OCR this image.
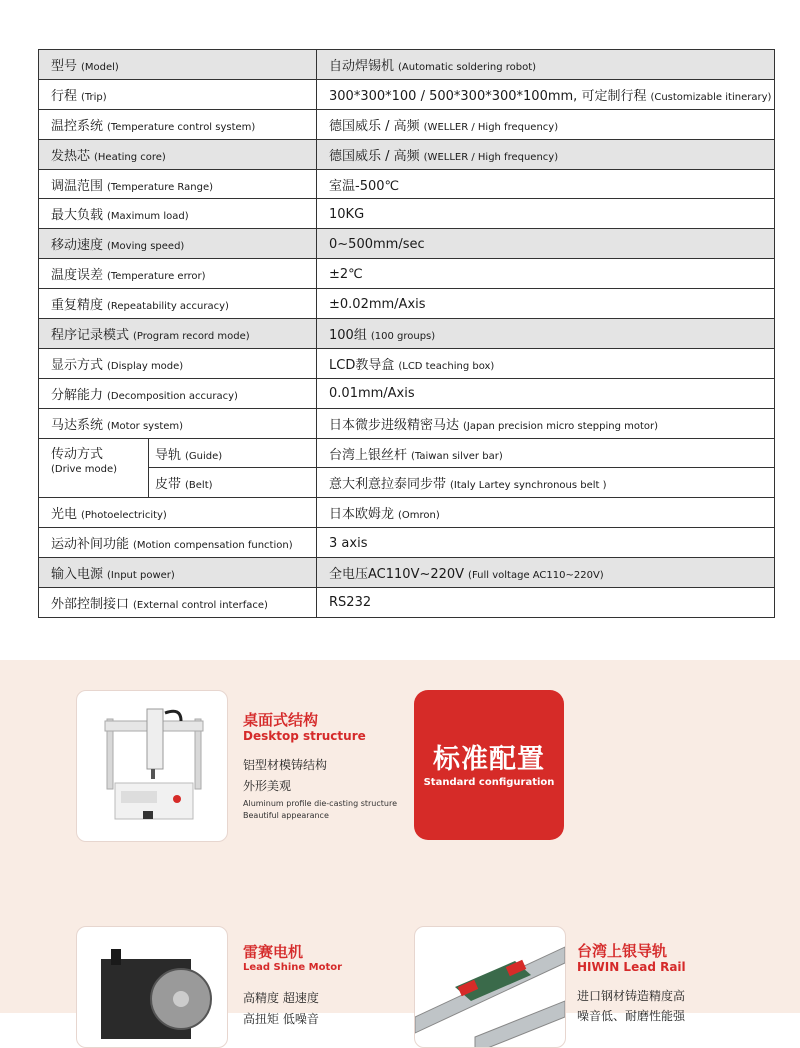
型号 (Model)		自动焊锡机 (Automatic soldering robot)
行程 (Trip)		300*300*100 / 500*300*300*100mm, 可定制行程 (Customizable itinerary)
温控系统 (Temperature control system)		德国威乐 / 高频 (WELLER / High frequency)
发热芯 (Heating core)		德国威乐 / 高频 (WELLER / High frequency)
调温范围 (Temperature Range)		室温-500℃
最大负载 (Maximum load)		10KG
移动速度 (Moving speed)		0~500mm/sec
温度误差 (Temperature error)		±2℃
重复精度 (Repeatability accuracy)		±0.02mm/Axis
程序记录模式 (Program record mode)		100组 (100 groups)
显示方式 (Display mode)		LCD教导盒 (LCD teaching box)
分解能力 (Decomposition accuracy)		0.01mm/Axis
马达系统 (Motor system)		日本微步进级精密马达 (Japan precision micro stepping motor)

传动方式
(Drive mode)	导轨 (Guide)	台湾上银丝杆 (Taiwan silver bar)
	皮带 (Belt)	意大利意拉泰同步带 (Italy Lartey synchronous belt )
光电 (Photoelectricity)		日本欧姆龙 (Omron)
运动补间功能 (Motion compensation function)		3 axis
输入电源 (Input power)		全电压AC110V~220V (Full voltage AC110~220V)
外部控制接口 (External control interface)		RS232
桌面式结构
Desktop structure
铝型材模铸结构
外形美观
Aluminum profile die-casting structure
Beautiful appearance
标准配置
Standard configuration
雷赛电机
Lead Shine Motor
高精度 超速度
高扭矩 低噪音
台湾上银导轨
HIWIN Lead Rail
进口钢材铸造精度高
噪音低、耐磨性能强
